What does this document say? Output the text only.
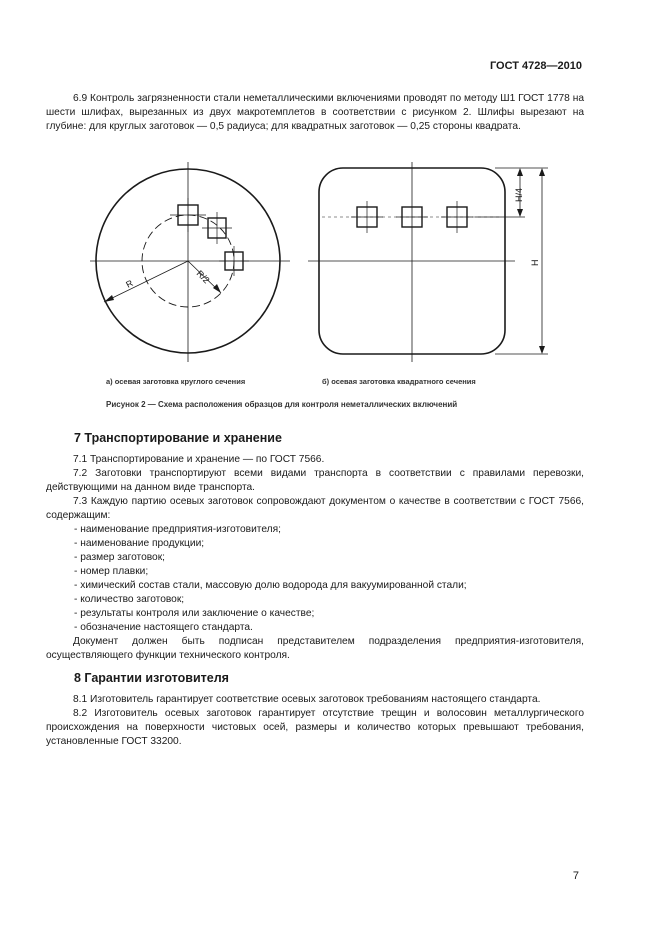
ГОСТ 4728—2010

6.9 Контроль загрязненности стали неметаллическими включениями проводят по методу Ш1 ГОСТ 1778 на шести шлифах, вырезанных из двух макротемплетов в соответствии с рисунком 2. Шлифы вырезают на глубине: для круглых заготовок — 0,5 радиуса; для квадратных заготовок — 0,25 стороны квадрата.

R	R/2
H
H/4
а) осевая заготовка круглого сечения	б) осевая заготовка квадратного сечения
Рисунок 2 — Схема расположения образцов для контроля неметаллических включений
7 Транспортирование и хранение

7.1 Транспортирование и хранение — по ГОСТ 7566.

7.2 Заготовки транспортируют всеми видами транспорта в соответствии с правилами перевозки, действующими на данном виде транспорта.

7.3 Каждую партию осевых заготовок сопровождают документом о качестве в соответствии с ГОСТ 7566, содержащим:

- наименование предприятия-изготовителя;

- наименование продукции;

- размер заготовок;

- номер плавки;

- химический состав стали, массовую долю водорода для вакуумированной стали;

- количество заготовок;

- результаты контроля или заключение о качестве;

- обозначение настоящего стандарта.

Документ должен быть подписан представителем подразделения предприятия-изготовителя, осуществляющего функции технического контроля.

8 Гарантии изготовителя

8.1 Изготовитель гарантирует соответствие осевых заготовок требованиям настоящего стандарта.

8.2 Изготовитель осевых заготовок гарантирует отсутствие трещин и волосовин металлургического происхождения на поверхности чистовых осей, размеры и количество которых превышают требования, установленные ГОСТ 33200.

7
